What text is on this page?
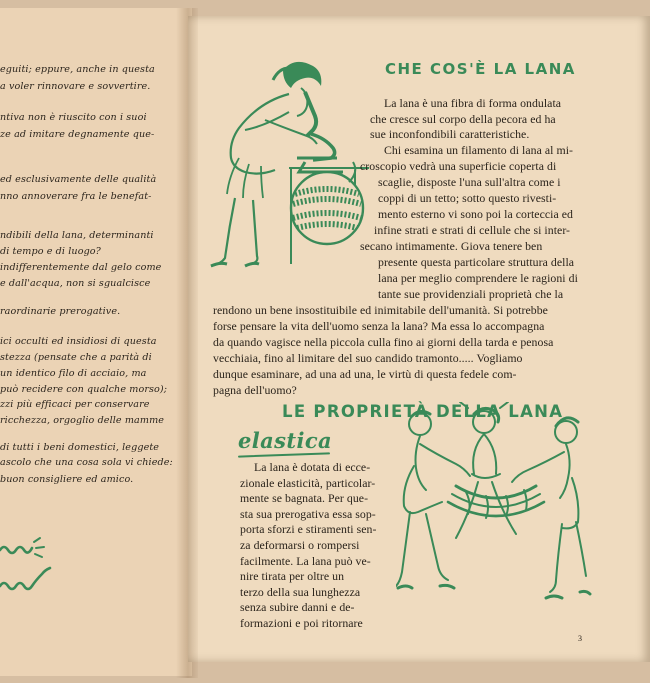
eguiti; eppure, anche in questa
a voler rinnovare e sovvertire.
ntiva non è riuscito con i suoi
ze ad imitare degnamente que-
ed esclusivamente delle qualità
nno annoverare fra le benefat-
ndibili della lana, determinanti
di tempo e di luogo?
indifferentemente dal gelo come
e dall'acqua, non si sgualcisce
raordinarie prerogative.
ici occulti ed insidiosi di questa
stezza (pensate che a parità di
un identico filo di acciaio, ma
può recidere con qualche morso);
zzi più efficaci per conservare
ricchezza, orgoglio delle mamme
di tutti i beni domestici, leggete
ascolo che una cosa sola vi chiede:
buon consigliere ed amico.
CHE COS'È LA LANA
La lana è una fibra di forma ondulata
che cresce sul corpo della pecora ed ha
sue inconfondibili caratteristiche.
Chi esamina un filamento di lana al mi-
croscopio vedrà una superficie coperta di
scaglie, disposte l'una sull'altra come i
coppi di un tetto; sotto questo rivesti-
mento esterno vi sono poi la corteccia ed
infine strati e strati di cellule che si inter-
secano intimamente. Giova tenere ben
presente questa particolare struttura della
lana per meglio comprendere le ragioni di
tante sue providenziali proprietà che la
rendono un bene insostituibile ed inimitabile dell'umanità. Si potrebbe
forse pensare la vita dell'uomo senza la lana? Ma essa lo accompagna
da quando vagisce nella piccola culla fino ai giorni della tarda e penosa
vecchiaia, fino al limitare del suo candido tramonto..... Vogliamo
dunque esaminare, ad una ad una, le virtù di questa fedele com-
LE PROPRIETÀ DELLA LANA
elastica
La lana è dotata di ecce-
zionale elasticità, particolar-
mente se bagnata. Per que-
sta sua prerogativa essa sop-
porta sforzi e stiramenti sen-
za deformarsi o rompersi
facilmente. La lana può ve-
nire tirata per oltre un
terzo della sua lunghezza
senza subire danni e de-
formazioni e poi ritornare
3
pagna dell'uomo?
